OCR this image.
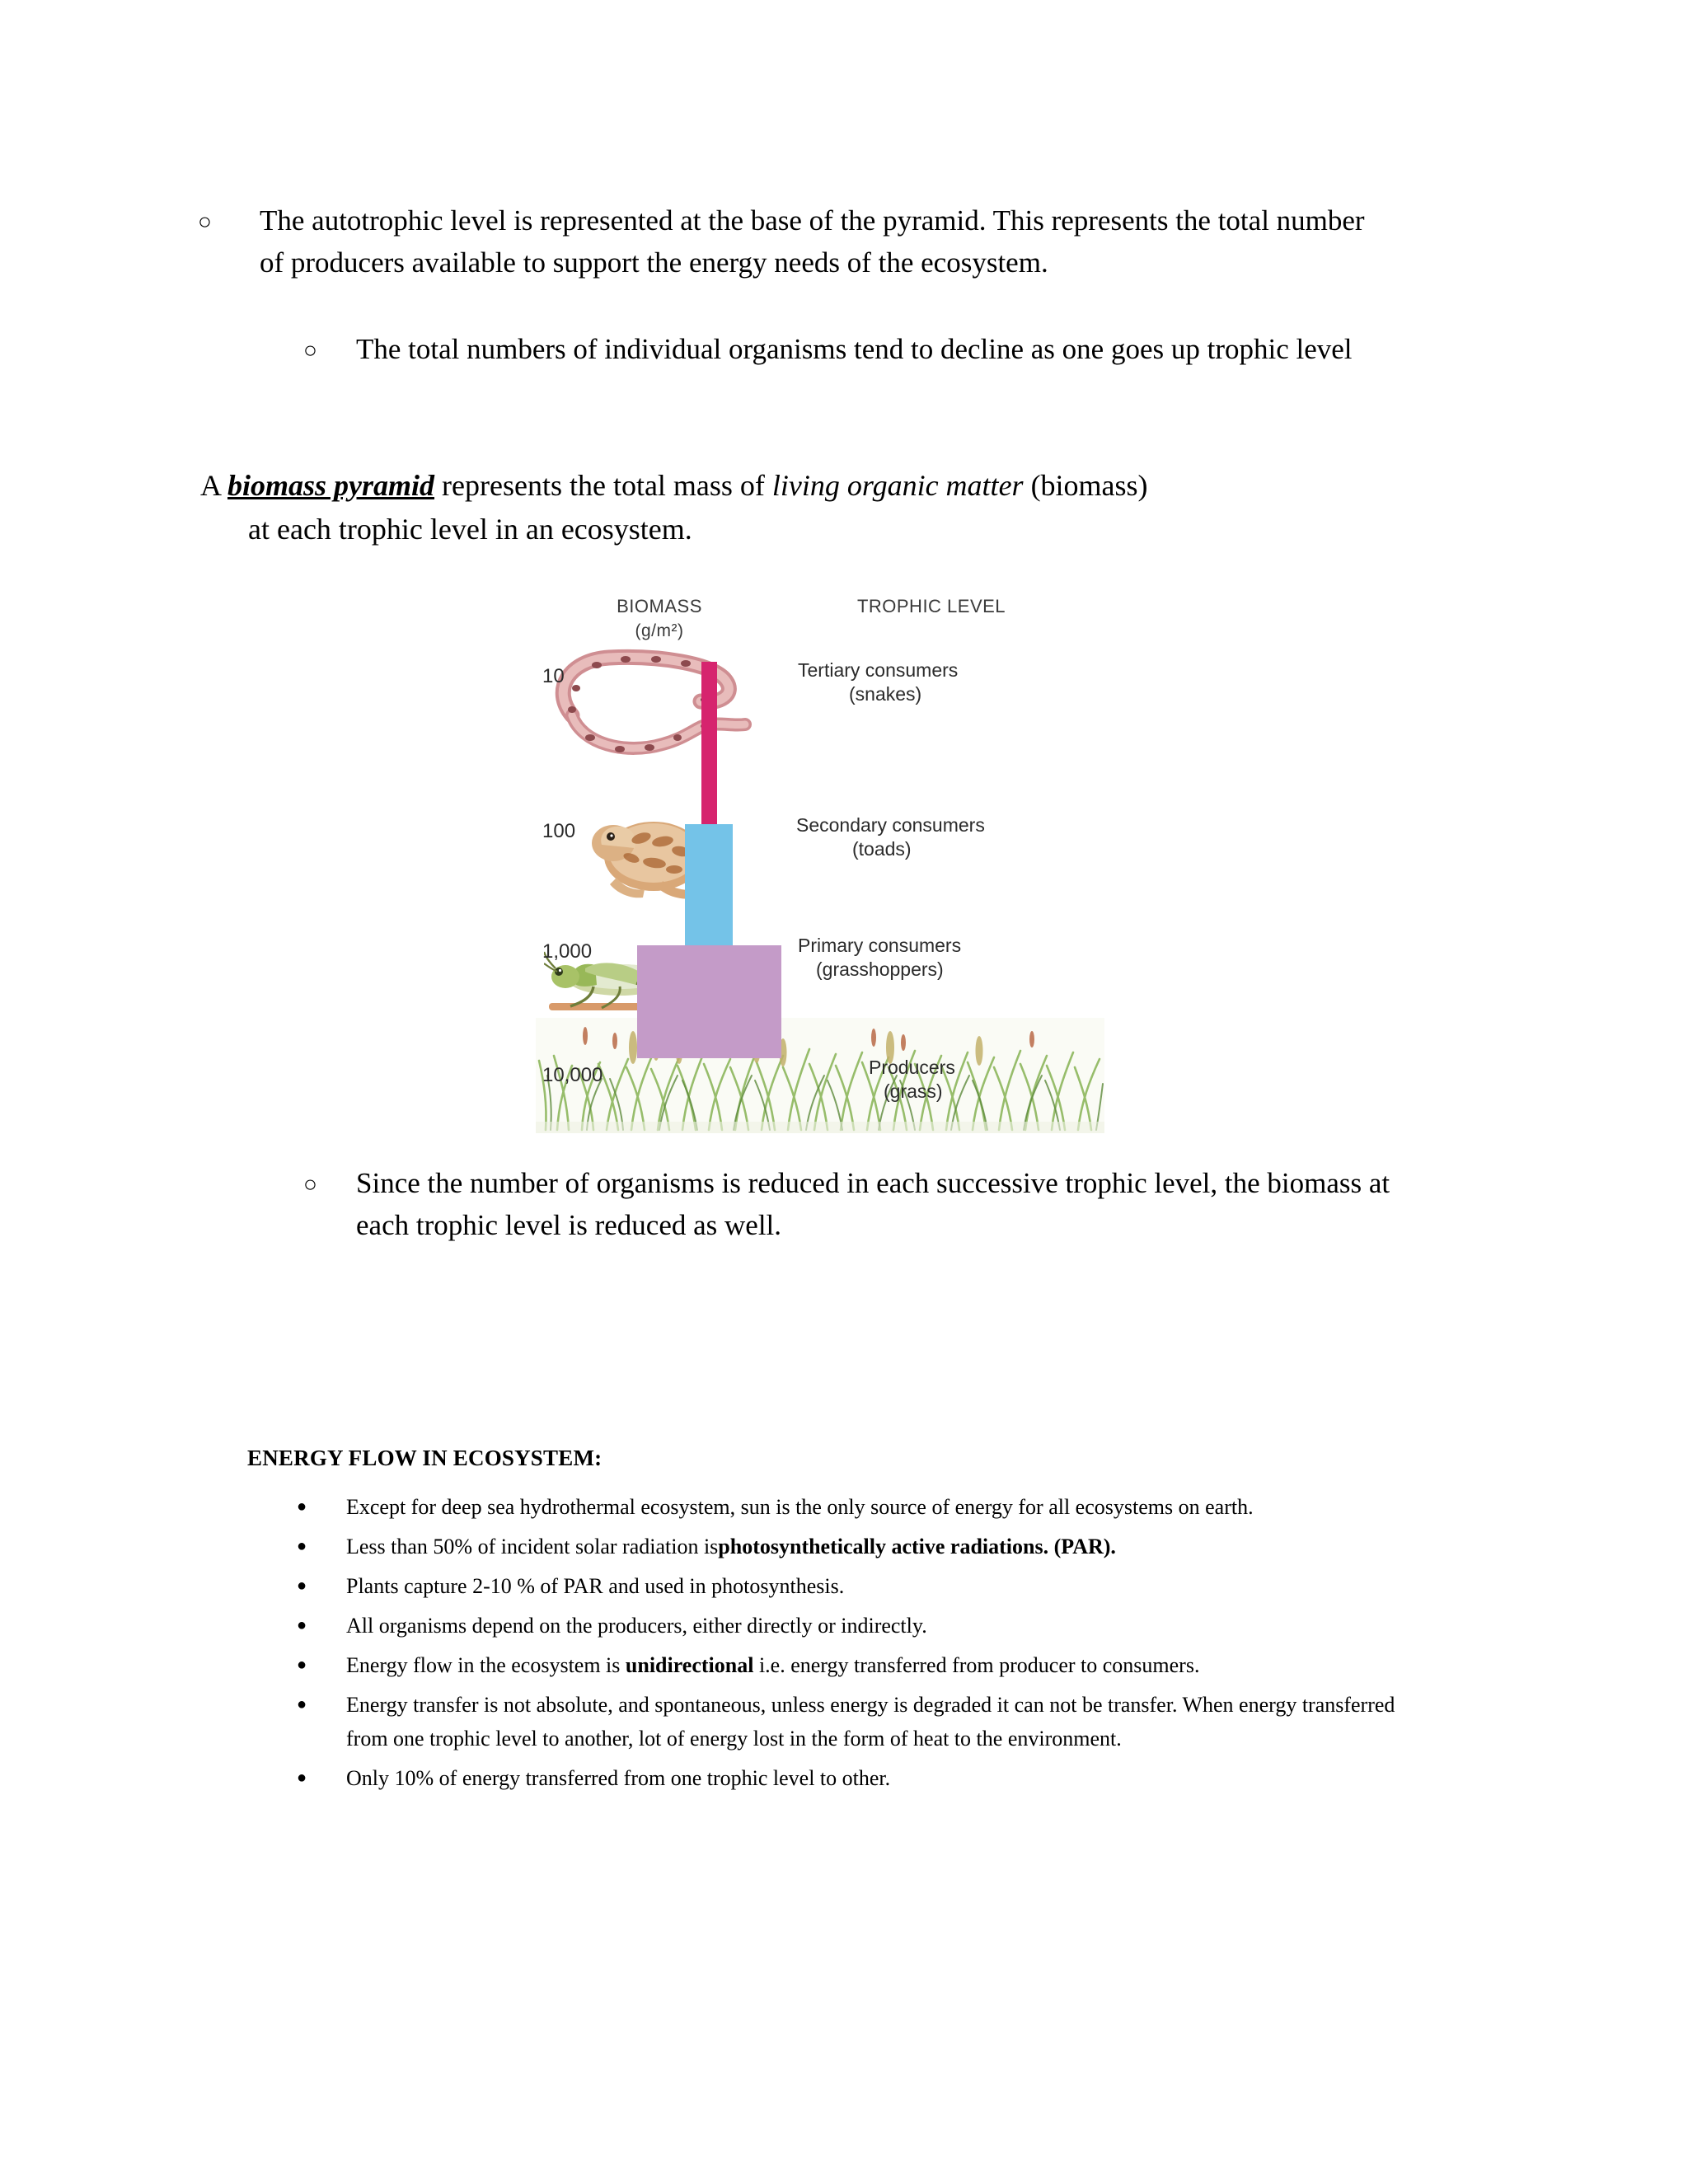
○
The autotrophic level is represented at the base of the pyramid. This represents the total number of producers available to support the energy needs of the ecosystem.
○
The total numbers of individual organisms tend to decline as one goes up trophic level
A biomass pyramid represents the total mass of living organic matter (biomass)
at each trophic level in an ecosystem.
BIOMASS
(g/m²)
TROPHIC LEVEL
10
100
1,000
10,000
Tertiary consumers
(snakes)
Secondary consumers
(toads)
Primary consumers
(grasshoppers)
Producers
(grass)
○
Since the number of organisms is reduced in each successive trophic level, the biomass at each trophic level is reduced as well.
ENERGY FLOW IN ECOSYSTEM:
●
Except for deep sea hydrothermal ecosystem, sun is the only source of energy for all ecosystems on earth.
●
Less than 50% of incident solar radiation isphotosynthetically active radiations. (PAR).
●
Plants capture 2-10 % of PAR and used in photosynthesis.
●
All organisms depend on the producers, either directly or indirectly.
●
Energy flow in the ecosystem is unidirectional i.e. energy transferred from producer to consumers.
●
Energy transfer is not absolute, and spontaneous, unless energy is degraded it can not be transfer. When energy transferred from one trophic level to another, lot of energy lost in the form of heat to the environment.
●
Only 10% of energy transferred from one trophic level to other.
